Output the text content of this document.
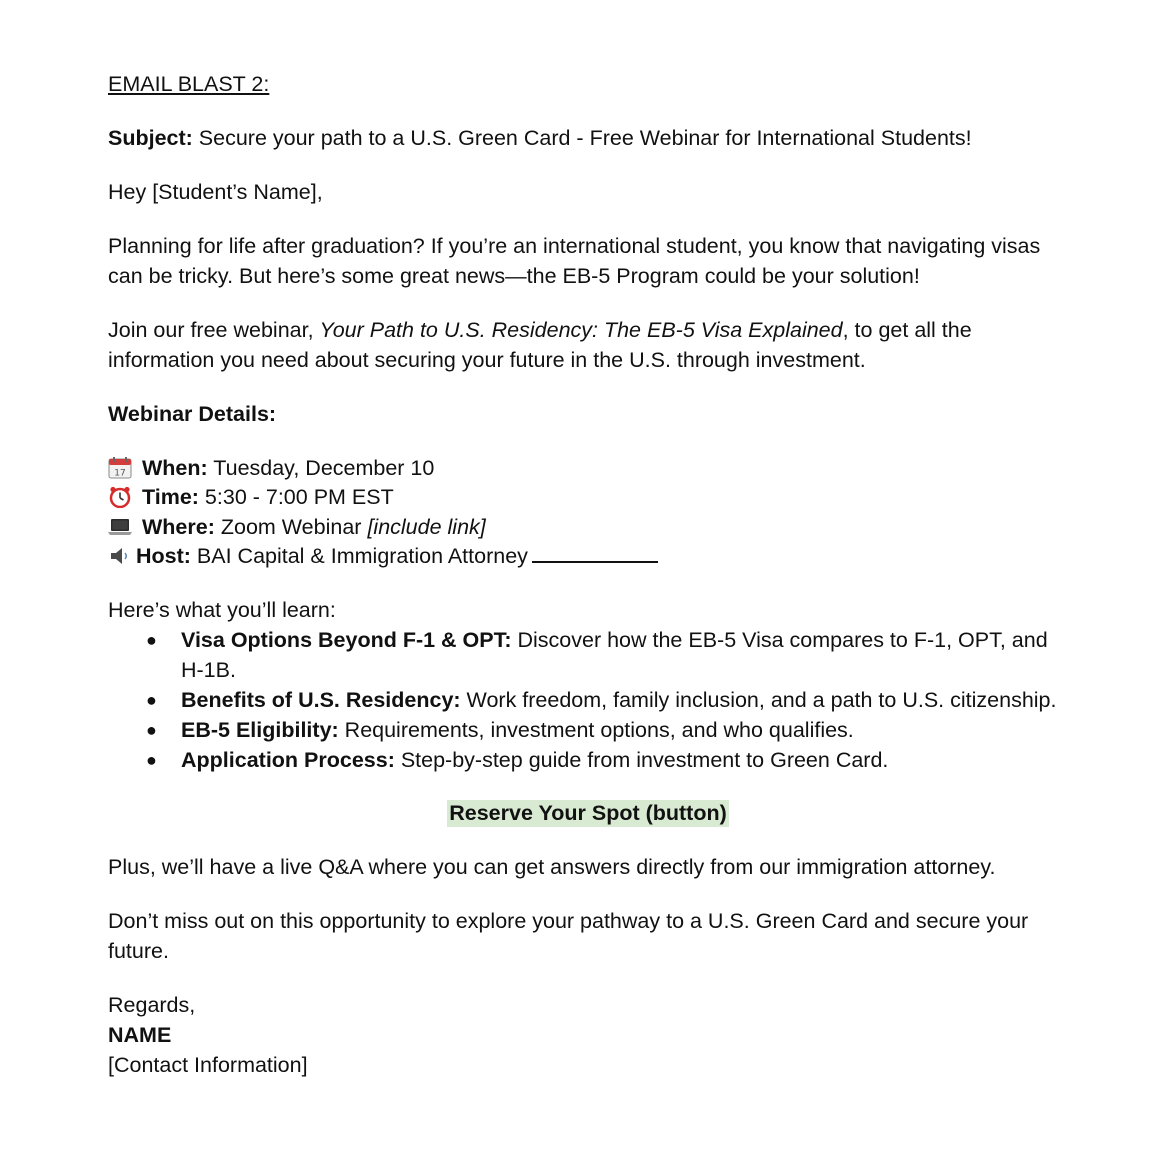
EMAIL BLAST 2:

Subject: Secure your path to a U.S. Green Card - Free Webinar for International Students!

Hey [Student’s Name],

Planning for life after graduation? If you’re an international student, you know that navigating visas can be tricky. But here’s some great news—the EB-5 Program could be your solution!

Join our free webinar, Your Path to U.S. Residency: The EB-5 Visa Explained, to get all the information you need about securing your future in the U.S. through investment.

Webinar Details:

17 When: Tuesday, December 10
Time: 5:30 - 7:00 PM EST
Where: Zoom Webinar [include link]
Host: BAI Capital & Immigration Attorney

Here’s what you’ll learn:

● Visa Options Beyond F-1 & OPT: Discover how the EB-5 Visa compares to F-1, OPT, and H-1B.
● Benefits of U.S. Residency: Work freedom, family inclusion, and a path to U.S. citizenship.
● EB-5 Eligibility: Requirements, investment options, and who qualifies.
● Application Process: Step-by-step guide from investment to Green Card.
Reserve Your Spot (button)

Plus, we’ll have a live Q&A where you can get answers directly from our immigration attorney.

Don’t miss out on this opportunity to explore your pathway to a U.S. Green Card and secure your future.

Regards,

NAME

[Contact Information]
